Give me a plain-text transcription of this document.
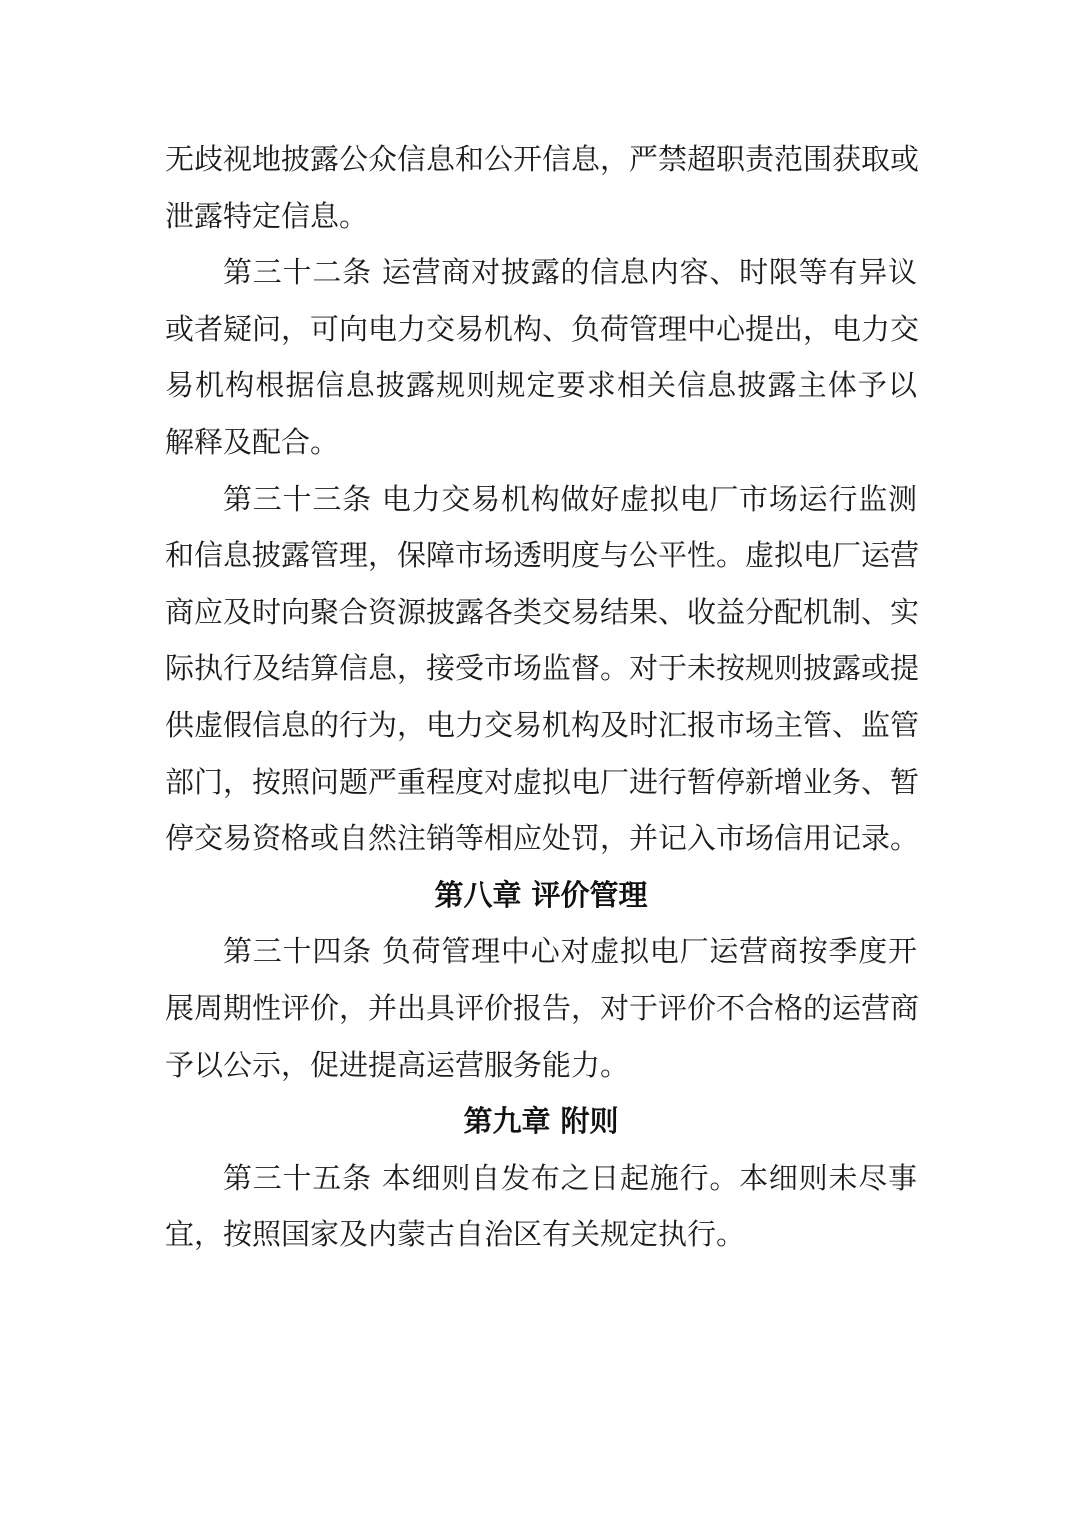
无歧视地披露公众信息和公开信息，严禁超职责范围获取或
泄露特定信息。
第三十二条 运营商对披露的信息内容、时限等有异议
或者疑问，可向电力交易机构、负荷管理中心提出，电力交
易机构根据信息披露规则规定要求相关信息披露主体予以
解释及配合。
第三十三条 电力交易机构做好虚拟电厂市场运行监测
和信息披露管理，保障市场透明度与公平性。虚拟电厂运营
商应及时向聚合资源披露各类交易结果、收益分配机制、实
际执行及结算信息，接受市场监督。对于未按规则披露或提
供虚假信息的行为，电力交易机构及时汇报市场主管、监管
部门，按照问题严重程度对虚拟电厂进行暂停新增业务、暂
停交易资格或自然注销等相应处罚，并记入市场信用记录。
第八章 评价管理
第三十四条 负荷管理中心对虚拟电厂运营商按季度开
展周期性评价，并出具评价报告，对于评价不合格的运营商
予以公示，促进提高运营服务能力。
第九章 附则
第三十五条 本细则自发布之日起施行。本细则未尽事
宜，按照国家及内蒙古自治区有关规定执行。
